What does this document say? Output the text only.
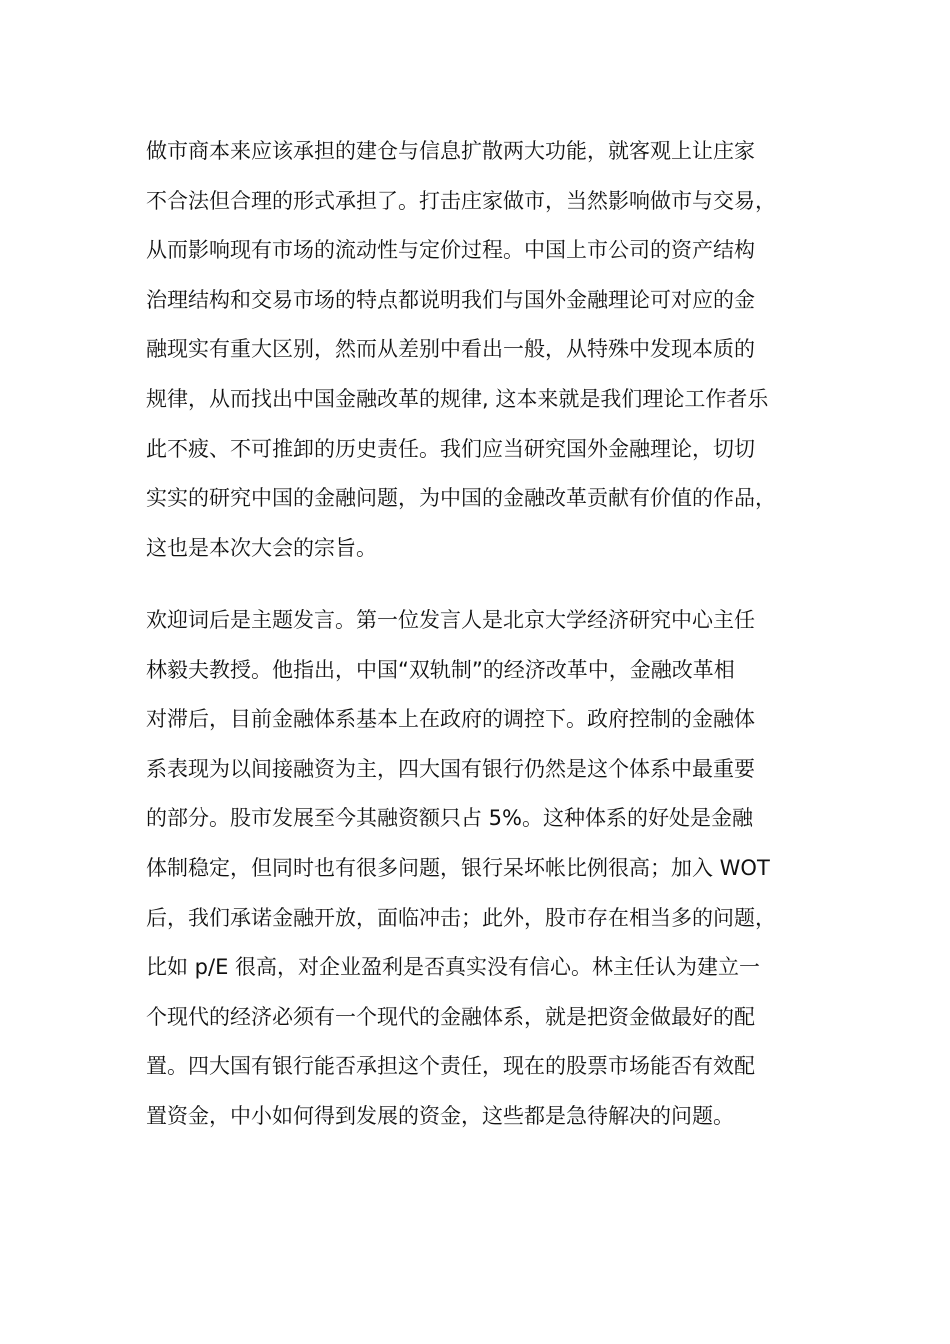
做市商本来应该承担的建仓与信息扩散两大功能，就客观上让庄家
不合法但合理的形式承担了。打击庄家做市，当然影响做市与交易，
从而影响现有市场的流动性与定价过程。中国上市公司的资产结构
治理结构和交易市场的特点都说明我们与国外金融理论可对应的金
融现实有重大区别，然而从差别中看出一般，从特殊中发现本质的
规律，从而找出中国金融改革的规律, 这本来就是我们理论工作者乐
此不疲、不可推卸的历史责任。我们应当研究国外金融理论，切切
实实的研究中国的金融问题，为中国的金融改革贡献有价值的作品，
这也是本次大会的宗旨。
欢迎词后是主题发言。第一位发言人是北京大学经济研究中心主任
林毅夫教授。他指出，中国“双轨制”的经济改革中，金融改革相
对滞后，目前金融体系基本上在政府的调控下。政府控制的金融体
系表现为以间接融资为主，四大国有银行仍然是这个体系中最重要
的部分。股市发展至今其融资额只占 5%。这种体系的好处是金融
体制稳定，但同时也有很多问题，银行呆坏帐比例很高；加入 WOT
后，我们承诺金融开放，面临冲击；此外，股市存在相当多的问题，
比如 p/E 很高，对企业盈利是否真实没有信心。林主任认为建立一
个现代的经济必须有一个现代的金融体系，就是把资金做最好的配
置。四大国有银行能否承担这个责任，现在的股票市场能否有效配
置资金，中小如何得到发展的资金，这些都是急待解决的问题。
